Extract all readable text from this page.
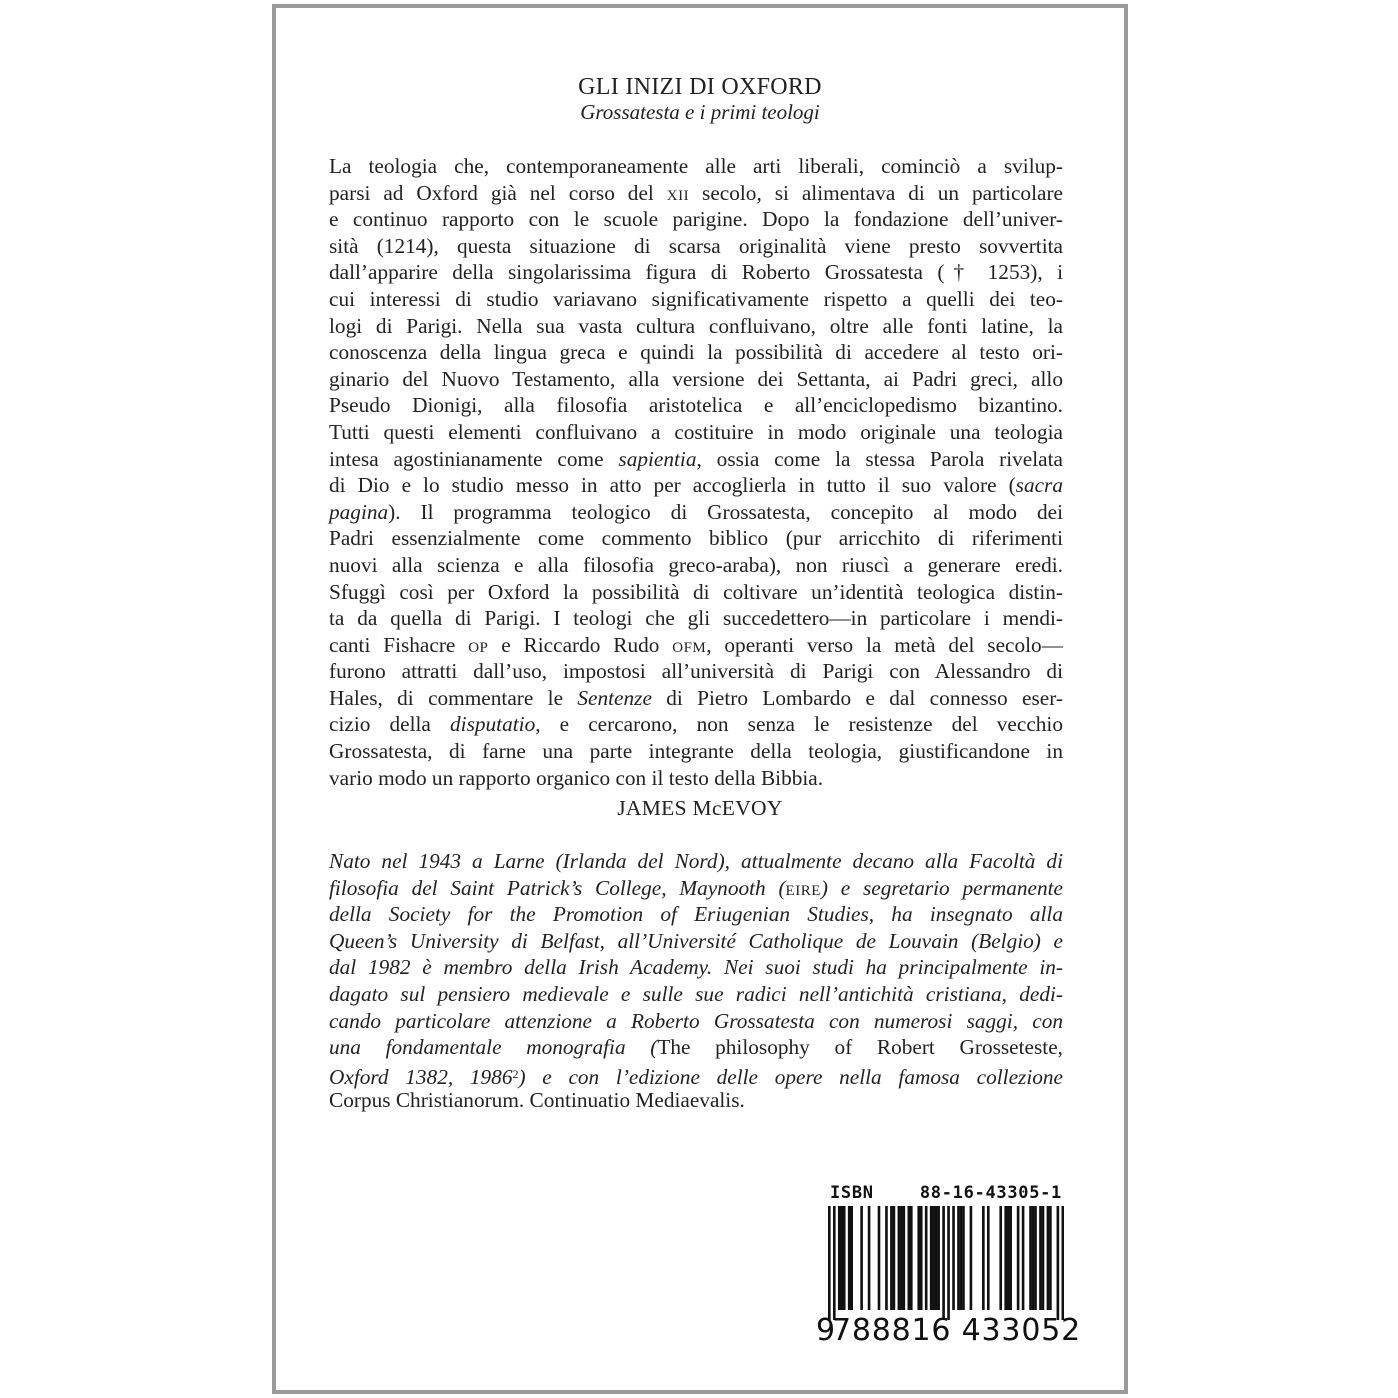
GLI INIZI DI OXFORD
Grossatesta e i primi teologi
La teologia che, contemporaneamente alle arti liberali, cominciò a svilup-
parsi ad Oxford già nel corso del XII secolo, si alimentava di un particolare
e continuo rapporto con le scuole parigine. Dopo la fondazione dell’univer-
sità (1214), questa situazione di scarsa originalità viene presto sovvertita
dall’apparire della singolarissima figura di Roberto Grossatesta († 1253), i
cui interessi di studio variavano significativamente rispetto a quelli dei teo-
logi di Parigi. Nella sua vasta cultura confluivano, oltre alle fonti latine, la
conoscenza della lingua greca e quindi la possibilità di accedere al testo ori-
ginario del Nuovo Testamento, alla versione dei Settanta, ai Padri greci, allo
Pseudo Dionigi, alla filosofia aristotelica e all’enciclopedismo bizantino.
Tutti questi elementi confluivano a costituire in modo originale una teologia
intesa agostinianamente come sapientia, ossia come la stessa Parola rivelata
di Dio e lo studio messo in atto per accoglierla in tutto il suo valore (sacra
pagina). Il programma teologico di Grossatesta, concepito al modo dei
Padri essenzialmente come commento biblico (pur arricchito di riferimenti
nuovi alla scienza e alla filosofia greco-araba), non riuscì a generare eredi.
Sfuggì così per Oxford la possibilità di coltivare un’identità teologica distin-
ta da quella di Parigi. I teologi che gli succedettero—in particolare i mendi-
canti Fishacre OP e Riccardo Rudo OFM, operanti verso la metà del secolo—
furono attratti dall’uso, impostosi all’università di Parigi con Alessandro di
Hales, di commentare le Sentenze di Pietro Lombardo e dal connesso eser-
cizio della disputatio, e cercarono, non senza le resistenze del vecchio
Grossatesta, di farne una parte integrante della teologia, giustificandone in
vario modo un rapporto organico con il testo della Bibbia.
JAMES McEVOY
Nato nel 1943 a Larne (Irlanda del Nord), attualmente decano alla Facoltà di
filosofia del Saint Patrick’s College, Maynooth (EIRE) e segretario permanente
della Society for the Promotion of Eriugenian Studies, ha insegnato alla
Queen’s University di Belfast, all’Université Catholique de Louvain (Belgio) e
dal 1982 è membro della Irish Academy. Nei suoi studi ha principalmente in-
dagato sul pensiero medievale e sulle sue radici nell’antichità cristiana, dedi-
cando particolare attenzione a Roberto Grossatesta con numerosi saggi, con
una fondamentale monografia (The philosophy of Robert Grosseteste,
Oxford 1382, 1986$^2$) e con l’edizione delle opere nella famosa collezione
Corpus Christianorum. Continuatio Mediaevalis.
ISBN	88-16-43305-1
9
788816 433052
